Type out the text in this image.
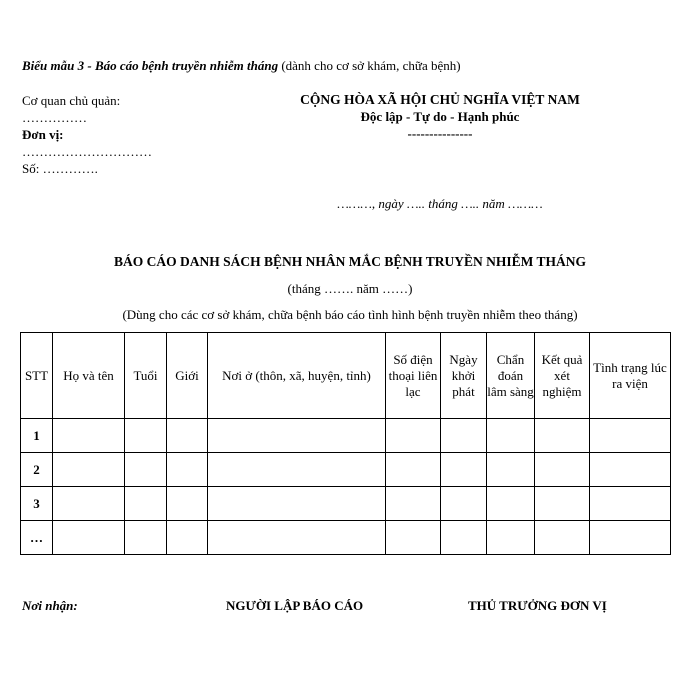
Biểu mẫu 3 - Báo cáo bệnh truyền nhiễm tháng (dành cho cơ sở khám, chữa bệnh)
Cơ quan chủ quản:
……………
Đơn vị:
…………………………
Số: ………….
CỘNG HÒA XÃ HỘI CHỦ NGHĨA VIỆT NAM
Độc lập - Tự do - Hạnh phúc
---------------
………, ngày ….. tháng ….. năm ………
BÁO CÁO DANH SÁCH BỆNH NHÂN MẮC BỆNH TRUYỀN NHIỄM THÁNG
(tháng ……. năm ……)
(Dùng cho các cơ sở khám, chữa bệnh báo cáo tình hình bệnh truyền nhiễm theo tháng)
STT	Họ và tên	Tuổi	Giới	Nơi ở (thôn, xã, huyện, tỉnh)	Số điện thoại liên lạc	Ngày khởi phát	Chẩn đoán lâm sàng	Kết quả xét nghiệm	Tình trạng lúc ra viện
1									
2									
3									
…									
Nơi nhận:	NGƯỜI LẬP BÁO CÁO	THỦ TRƯỞNG ĐƠN VỊ
